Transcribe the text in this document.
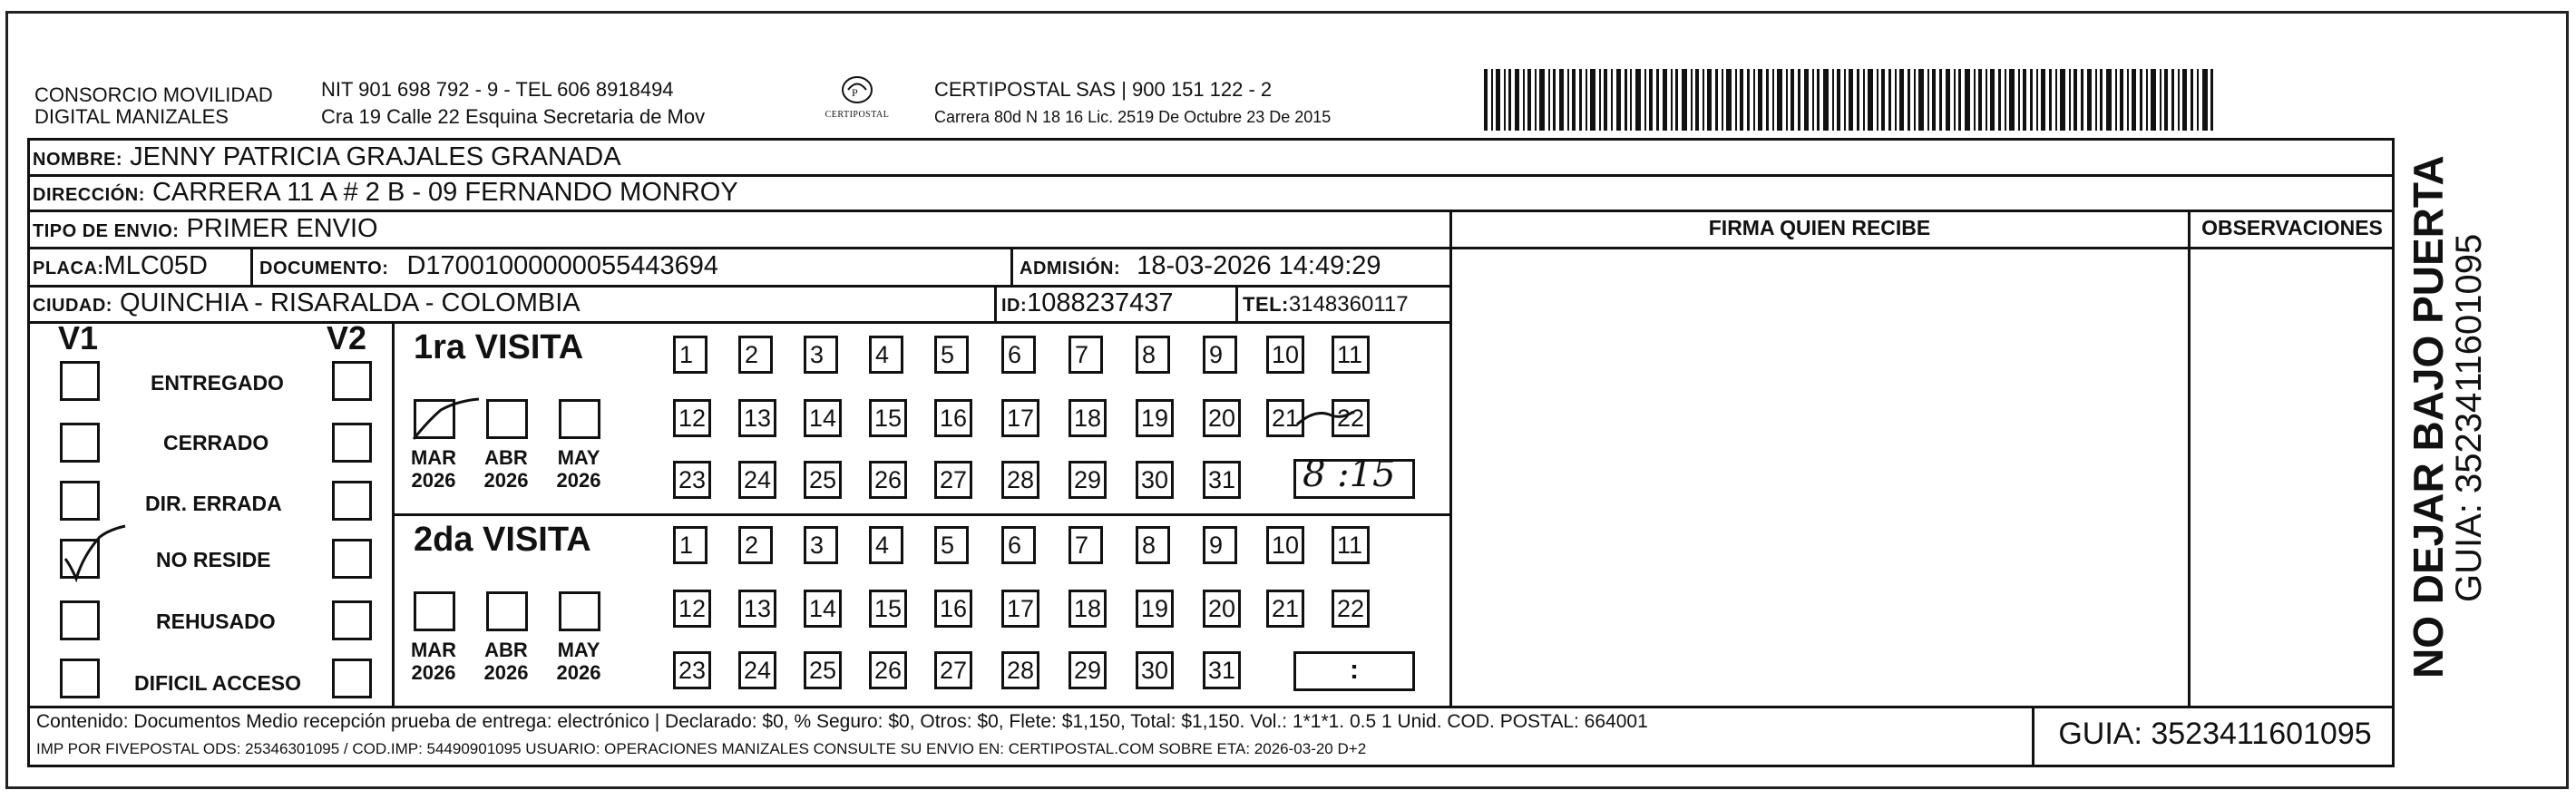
CONSORCIO MOVILIDAD
DIGITAL MANIZALES
NIT 901 698 792 - 9 - TEL 606 8918494
Cra 19 Calle 22 Esquina Secretaria de Mov
P
CERTIPOSTAL
CERTIPOSTAL SAS | 900 151 122 - 2
Carrera 80d N 18 16 Lic. 2519 De Octubre 23 De 2015
NOMBRE: JENNY PATRICIA GRAJALES GRANADA
DIRECCIÓN: CARRERA 11 A # 2 B - 09 FERNANDO MONROY
TIPO DE ENVIO: PRIMER ENVIO
PLACA:MLC05D	DOCUMENTO: D17001000000055443694	ADMISIÓN: 18-03-2026 14:49:29
CIUDAD: QUINCHIA - RISARALDA - COLOMBIA	ID:1088237437	TEL:3148360117
FIRMA QUIEN RECIBE	OBSERVACIONES
V1	V2
ENTREGADO
CERRADO
DIR. ERRADA
NO RESIDE
REHUSADO
DIFICIL ACCESO
1ra VISITA
2da VISITA
MAR
2026
ABR
2026
MAY
2026
MAR
2026
ABR
2026
MAY
2026
1	2	3	4	5	6	7	8	9	10 11
12 13 14 15 16 17 18 19 20 21 22
23 24 25 26 27 28 29 30 31
1	2	3	4	5	6	7	8	9	10 11
12 13 14 15 16 17 18 19 20 21 22
23 24 25 26 27 28 29 30 31
8 :15
:
Contenido: Documentos Medio recepción prueba de entrega: electrónico | Declarado: $0, % Seguro: $0, Otros: $0, Flete: $1,150, Total: $1,150. Vol.: 1*1*1. 0.5 1 Unid. COD. POSTAL: 664001
IMP POR FIVEPOSTAL ODS: 25346301095 / COD.IMP: 54490901095 USUARIO: OPERACIONES MANIZALES CONSULTE SU ENVIO EN: CERTIPOSTAL.COM SOBRE ETA: 2026-03-20 D+2	GUIA: 3523411601095
NO DEJAR BAJO PUERTA
GUIA: 3523411601095
